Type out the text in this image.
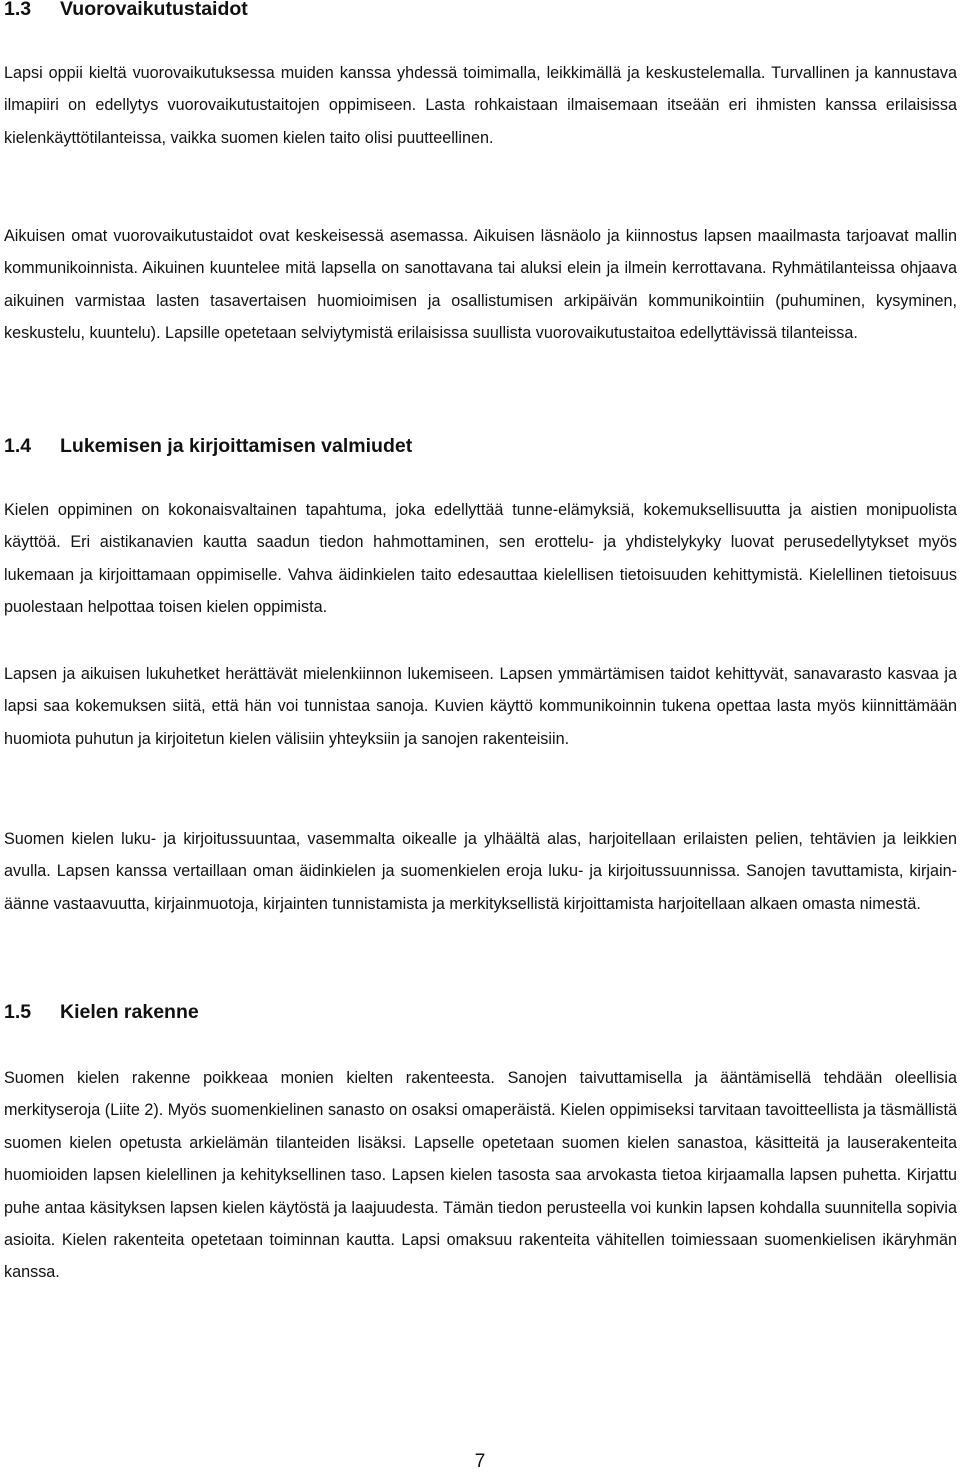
1.3	Vuorovaikutustaidot

Lapsi oppii kieltä vuorovaikutuksessa muiden kanssa yhdessä toimimalla, leikkimällä ja keskustelemalla. Turvallinen ja kannustava ilmapiiri on edellytys vuorovaikutustaitojen oppimiseen. Lasta rohkaistaan ilmaisemaan itseään eri ihmisten kanssa erilaisissa kielenkäyttötilanteissa, vaikka suomen kielen taito olisi puutteellinen.

Aikuisen omat vuorovaikutustaidot ovat keskeisessä asemassa. Aikuisen läsnäolo ja kiinnostus lapsen maailmasta tarjoavat mallin kommunikoinnista. Aikuinen kuuntelee mitä lapsella on sanottavana tai aluksi elein ja ilmein kerrottavana. Ryhmätilanteissa ohjaava aikuinen varmistaa lasten tasavertaisen huomioimisen ja osallistumisen arkipäivän kommunikointiin (puhuminen, kysyminen, keskustelu, kuuntelu). Lapsille opetetaan selviytymistä erilaisissa suullista vuorovaikutustaitoa edellyttävissä tilanteissa.

1.4	Lukemisen ja kirjoittamisen valmiudet

Kielen oppiminen on kokonaisvaltainen tapahtuma, joka edellyttää tunne-elämyksiä, kokemuksellisuutta ja aistien monipuolista käyttöä. Eri aistikanavien kautta saadun tiedon hahmottaminen, sen erottelu- ja yhdistelykyky luovat perusedellytykset myös lukemaan ja kirjoittamaan oppimiselle. Vahva äidinkielen taito edesauttaa kielellisen tietoisuuden kehittymistä. Kielellinen tietoisuus puolestaan helpottaa toisen kielen oppimista.

Lapsen ja aikuisen lukuhetket herättävät mielenkiinnon lukemiseen. Lapsen ymmärtämisen taidot kehittyvät, sanavarasto kasvaa ja lapsi saa kokemuksen siitä, että hän voi tunnistaa sanoja. Kuvien käyttö kommunikoinnin tukena opettaa lasta myös kiinnittämään huomiota puhutun ja kirjoitetun kielen välisiin yhteyksiin ja sanojen rakenteisiin.

Suomen kielen luku- ja kirjoitussuuntaa, vasemmalta oikealle ja ylhäältä alas, harjoitellaan erilaisten pelien, tehtävien ja leikkien avulla. Lapsen kanssa vertaillaan oman äidinkielen ja suomenkielen eroja luku- ja kirjoitussuunnissa. Sanojen tavuttamista, kirjain-äänne vastaavuutta, kirjainmuotoja, kirjainten tunnistamista ja merkityksellistä kirjoittamista harjoitellaan alkaen omasta nimestä.

1.5	Kielen rakenne

Suomen kielen rakenne poikkeaa monien kielten rakenteesta. Sanojen taivuttamisella ja ääntämisellä tehdään oleellisia merkityseroja (Liite 2). Myös suomenkielinen sanasto on osaksi omaperäistä. Kielen oppimiseksi tarvitaan tavoitteellista ja täsmällistä suomen kielen opetusta arkielämän tilanteiden lisäksi. Lapselle opetetaan suomen kielen sanastoa, käsitteitä ja lauserakenteita huomioiden lapsen kielellinen ja kehityksellinen taso. Lapsen kielen tasosta saa arvokasta tietoa kirjaamalla lapsen puhetta. Kirjattu puhe antaa käsityksen lapsen kielen käytöstä ja laajuudesta. Tämän tiedon perusteella voi kunkin lapsen kohdalla suunnitella sopivia asioita. Kielen rakenteita opetetaan toiminnan kautta. Lapsi omaksuu rakenteita vähitellen toimiessaan suomenkielisen ikäryhmän kanssa.

7
